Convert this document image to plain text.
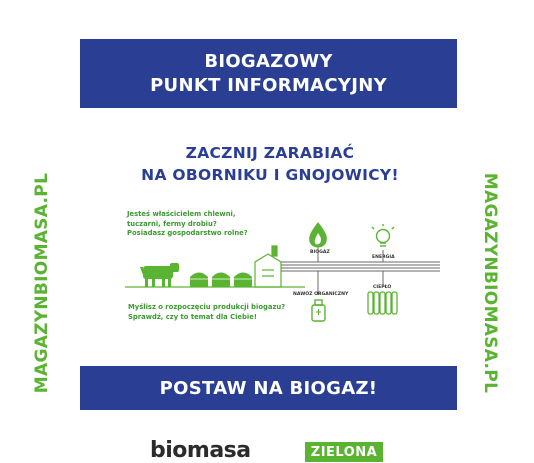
BIOGAZOWY
PUNKT INFORMACYJNY
MAGAZYNBIOMASA.PL	MAGAZYNBIOMASA.PL
ZACZNIJ ZARABIAĆ
NA OBORNIKU I GNOJOWICY!
Jesteś właścicielem chlewni,
tuczarni, fermy drobiu?
Posiadasz gospodarstwo rolne?
BIOGAZ
ENERGIA
NAWÓZ ORGANICZNY
CIEPŁO
Myślisz o rozpoczęciu produkcji biogazu?
Sprawdź, czy to temat dla Ciebie!
POSTAW NA BIOGAZ!
biomasa	ZIELONA
